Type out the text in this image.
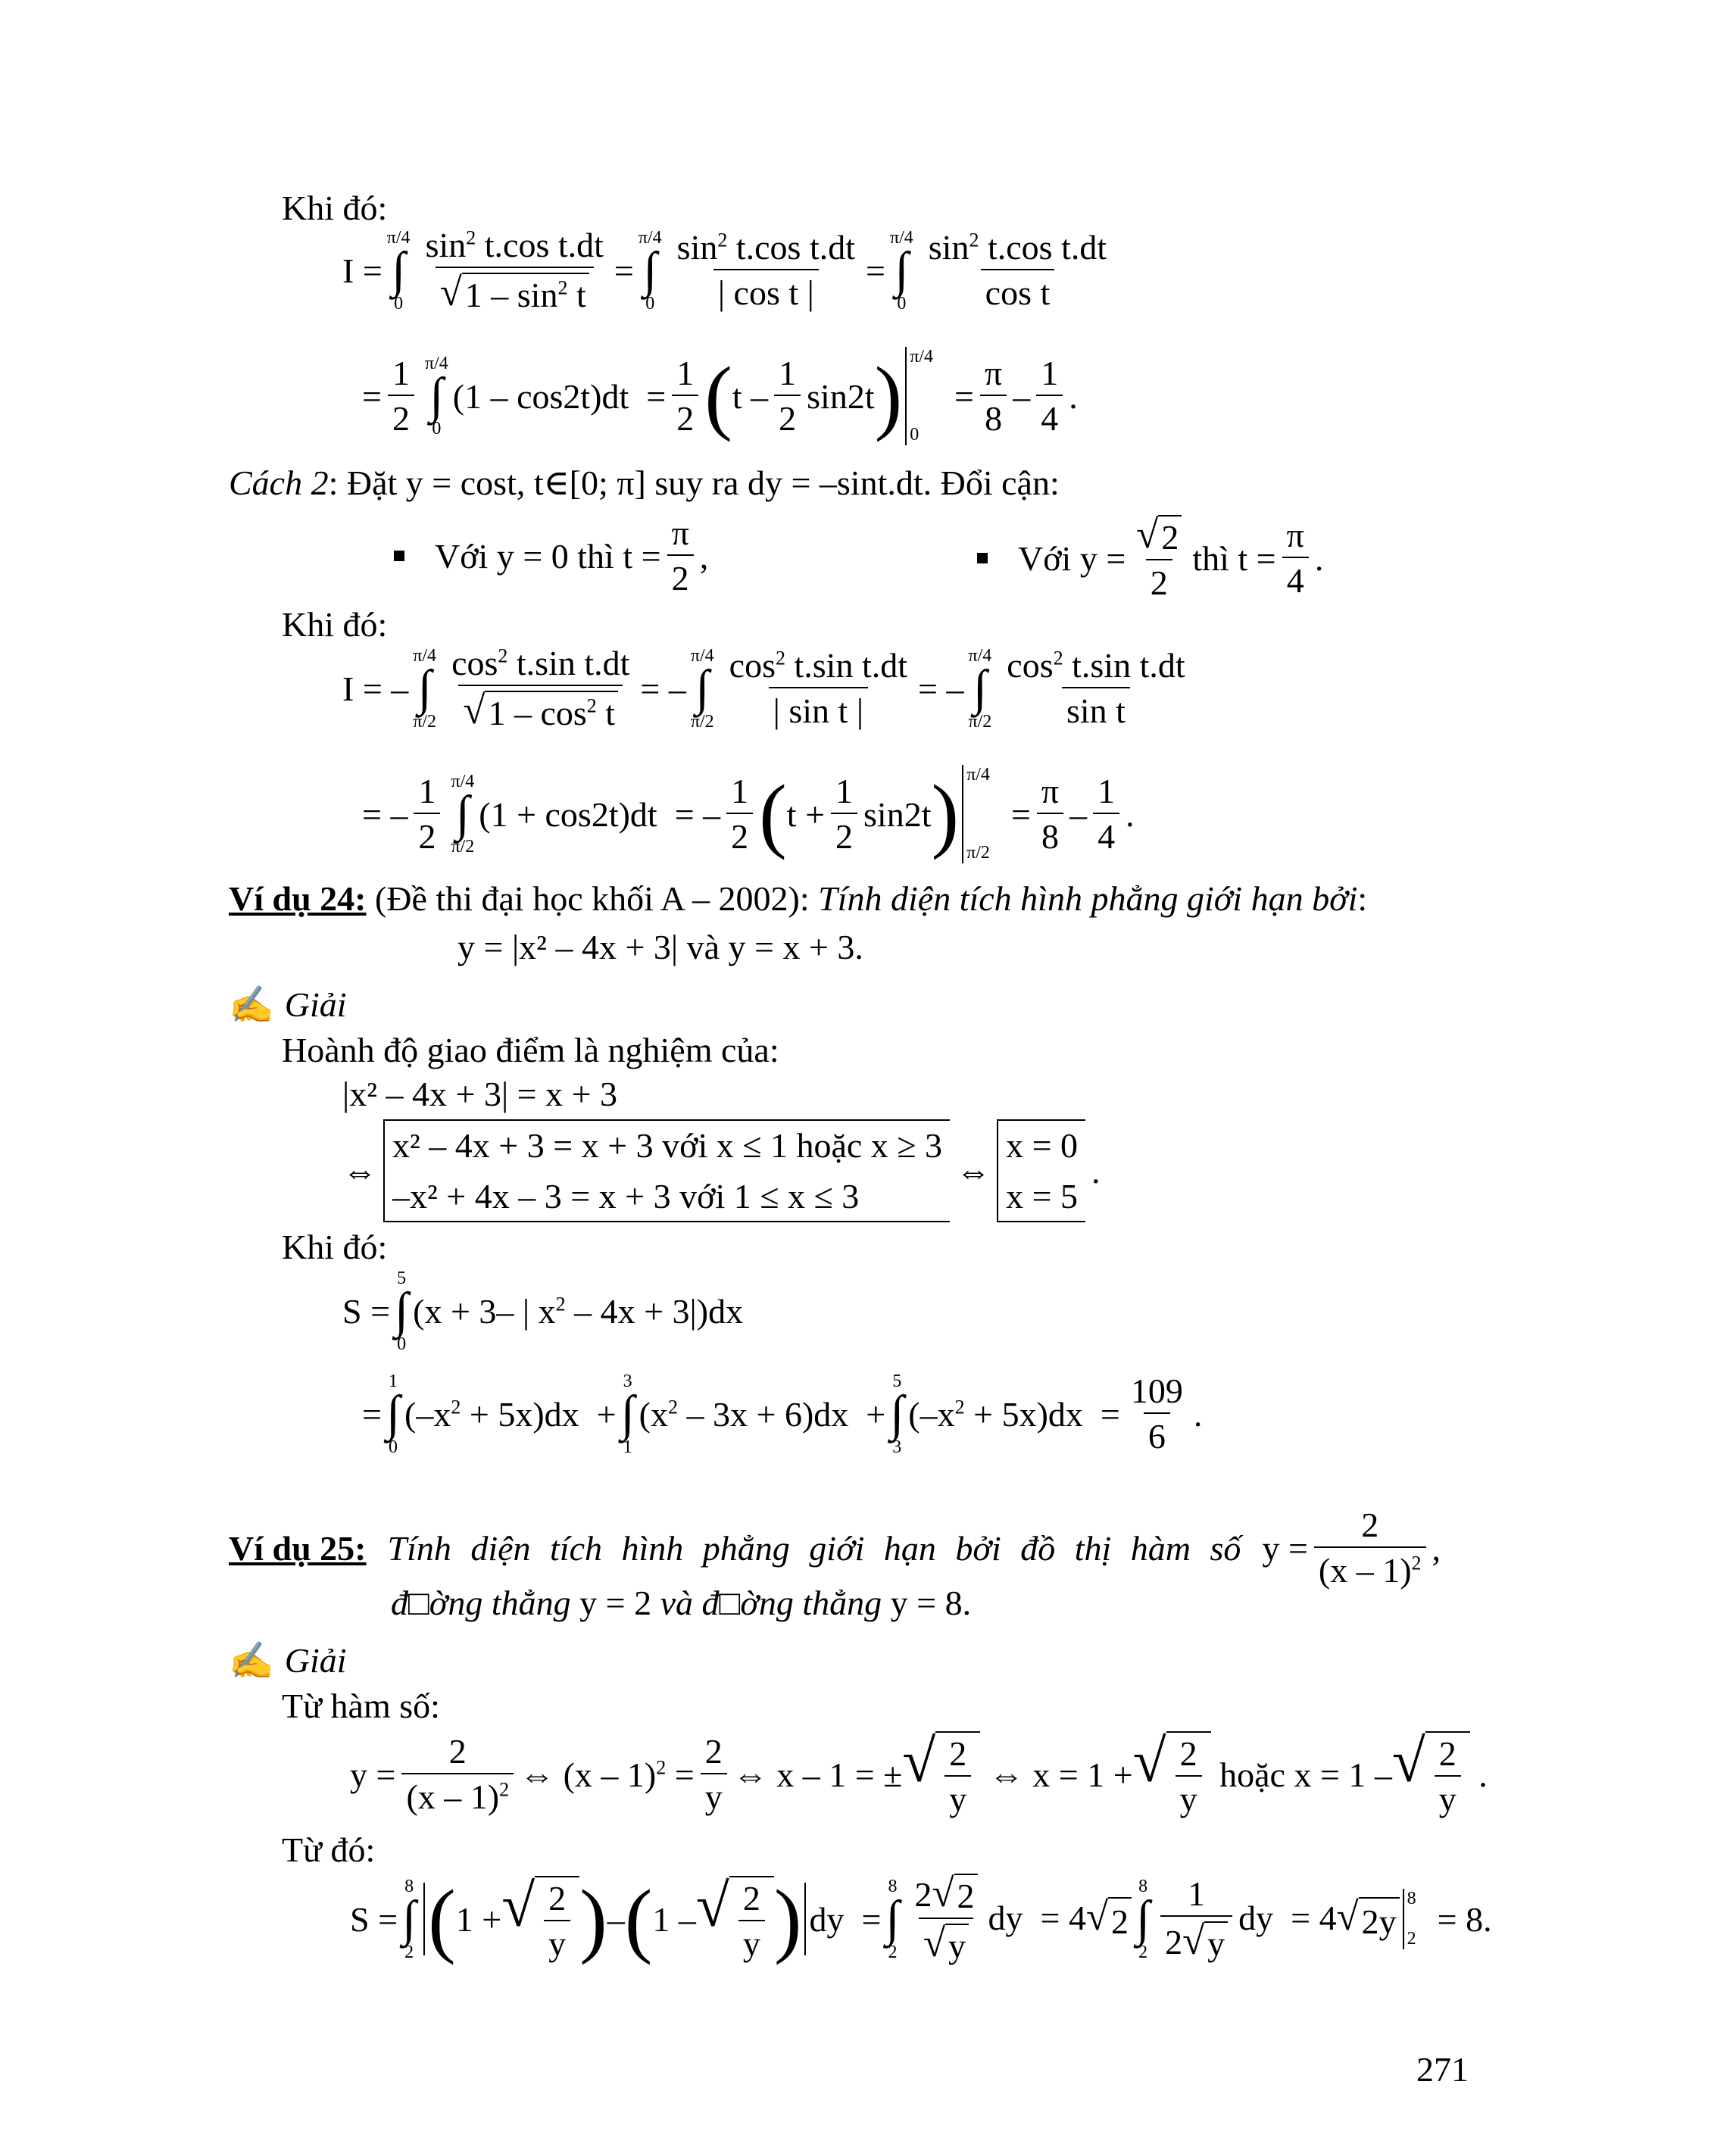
Khi đó:
I =
π/4
∫
$0 \frac{\sin^2 t.\cos t.dt}{√ 1 - \sin^2 t}$ =
π/4
∫
$0 \frac{\sin^2 t.\cos t.dt}{\text{| cos t |}}$ =
π/4
∫
$0 \frac{\sin^2 t.\cos t.dt}{\text{cos t}}$
= $\frac{1}{2} \pi/4$
∫
0
$(1 - \cos 2t)dt = \frac{1}{2}$ ( t – $\frac{1}{2} \sin 2t$ ) π/4
0
= $\frac{\pi}{8} - \frac{1}{4}$ .
Cách 2 : Đặt y = cost, t∈[0; π] suy ra dy = –sint.dt. Đổi cận:
Với y = 0 thì $t = \frac{\pi}{2}$ ,	Với $y = \frac{√ 2}{2}$ thì $t = \frac{\pi}{4}$ .
Khi đó:
I = –
π/4
∫
$\pi/2 \frac{\cos^2 t.\sin t.dt}{√ 1 - \cos^2 t}$ = –
π/4
∫
$\pi/2 \frac{\cos^2 t.\sin t.dt}{\text{| sin t |}}$ = –
π/4
∫
$\pi/2 \frac{\cos^2 t.\sin t.dt}{\text{sin t}}$
= – $\frac{1}{2} \pi/4$
∫
π/2
(1 + cos2t)dt  = – $\frac{1}{2}$ ( $t + \frac{1}{2} \sin 2t$ ) π/4
π/2
= $\frac{\pi}{8} - \frac{1}{4}$ .
Ví dụ 24: (Đề thi đại học khối A – 2002): Tính diện tích hình phẳng giới hạn bởi :
y = |x² – 4x + 3| và y = x + 3.
✍ Giải
Hoành độ giao điểm là nghiệm của:
|x² – 4x + 3| = x + 3
⇔
x² – 4x + 3 = x + 3 với x ≤ 1 hoặc x ≥ 3
–x² + 4x – 3 = x + 3 với 1 ≤ x ≤ 3
⇔
x = 0
x = 5
.
Khi đó:
S =
5
∫
0
(x + 3– | $x^2 - 4x + 3|)dx$
=
1
∫
0
$(-x^2 + 5x)dx$  +
3
∫
1
$(x^2 - 3x + 6)dx$  +
5
∫
3
$(-x^2 + 5x)dx = \frac{109}{6}$ .
Ví dụ 25: Tính diện tích hình phẳng giới hạn bởi đồ thị hàm số $y = \frac{2}{(x - 1)^2}$ ,
đ □ ờng thẳng
y = 2
và đ □ ờng thẳng
y = 8.
✍ Giải
Từ hàm số:
$y = \frac{2}{(x - 1)^2}$ ⇔ $(x - 1)^2 = \frac{2}{y}$ ⇔ x – 1 = ± √ $\frac{2}{y}$ ⇔ x = 1 + √ $\frac{2}{y}$
hoặc x = 1 – √ $\frac{2}{y}$ .
Từ đó:
S =
8
∫
2 ( 1 + √ $\frac{2}{y}$ ) – ( 1 – √ $\frac{2}{y}$ ) dy  =
8
∫
$2 \frac{2 √ 2}{√ y}$ dy  = 4 √ 2
8
∫
$2 \frac{1}{2 √ y}$ dy  = 4 √ 2y
8
2
= 8.
271
